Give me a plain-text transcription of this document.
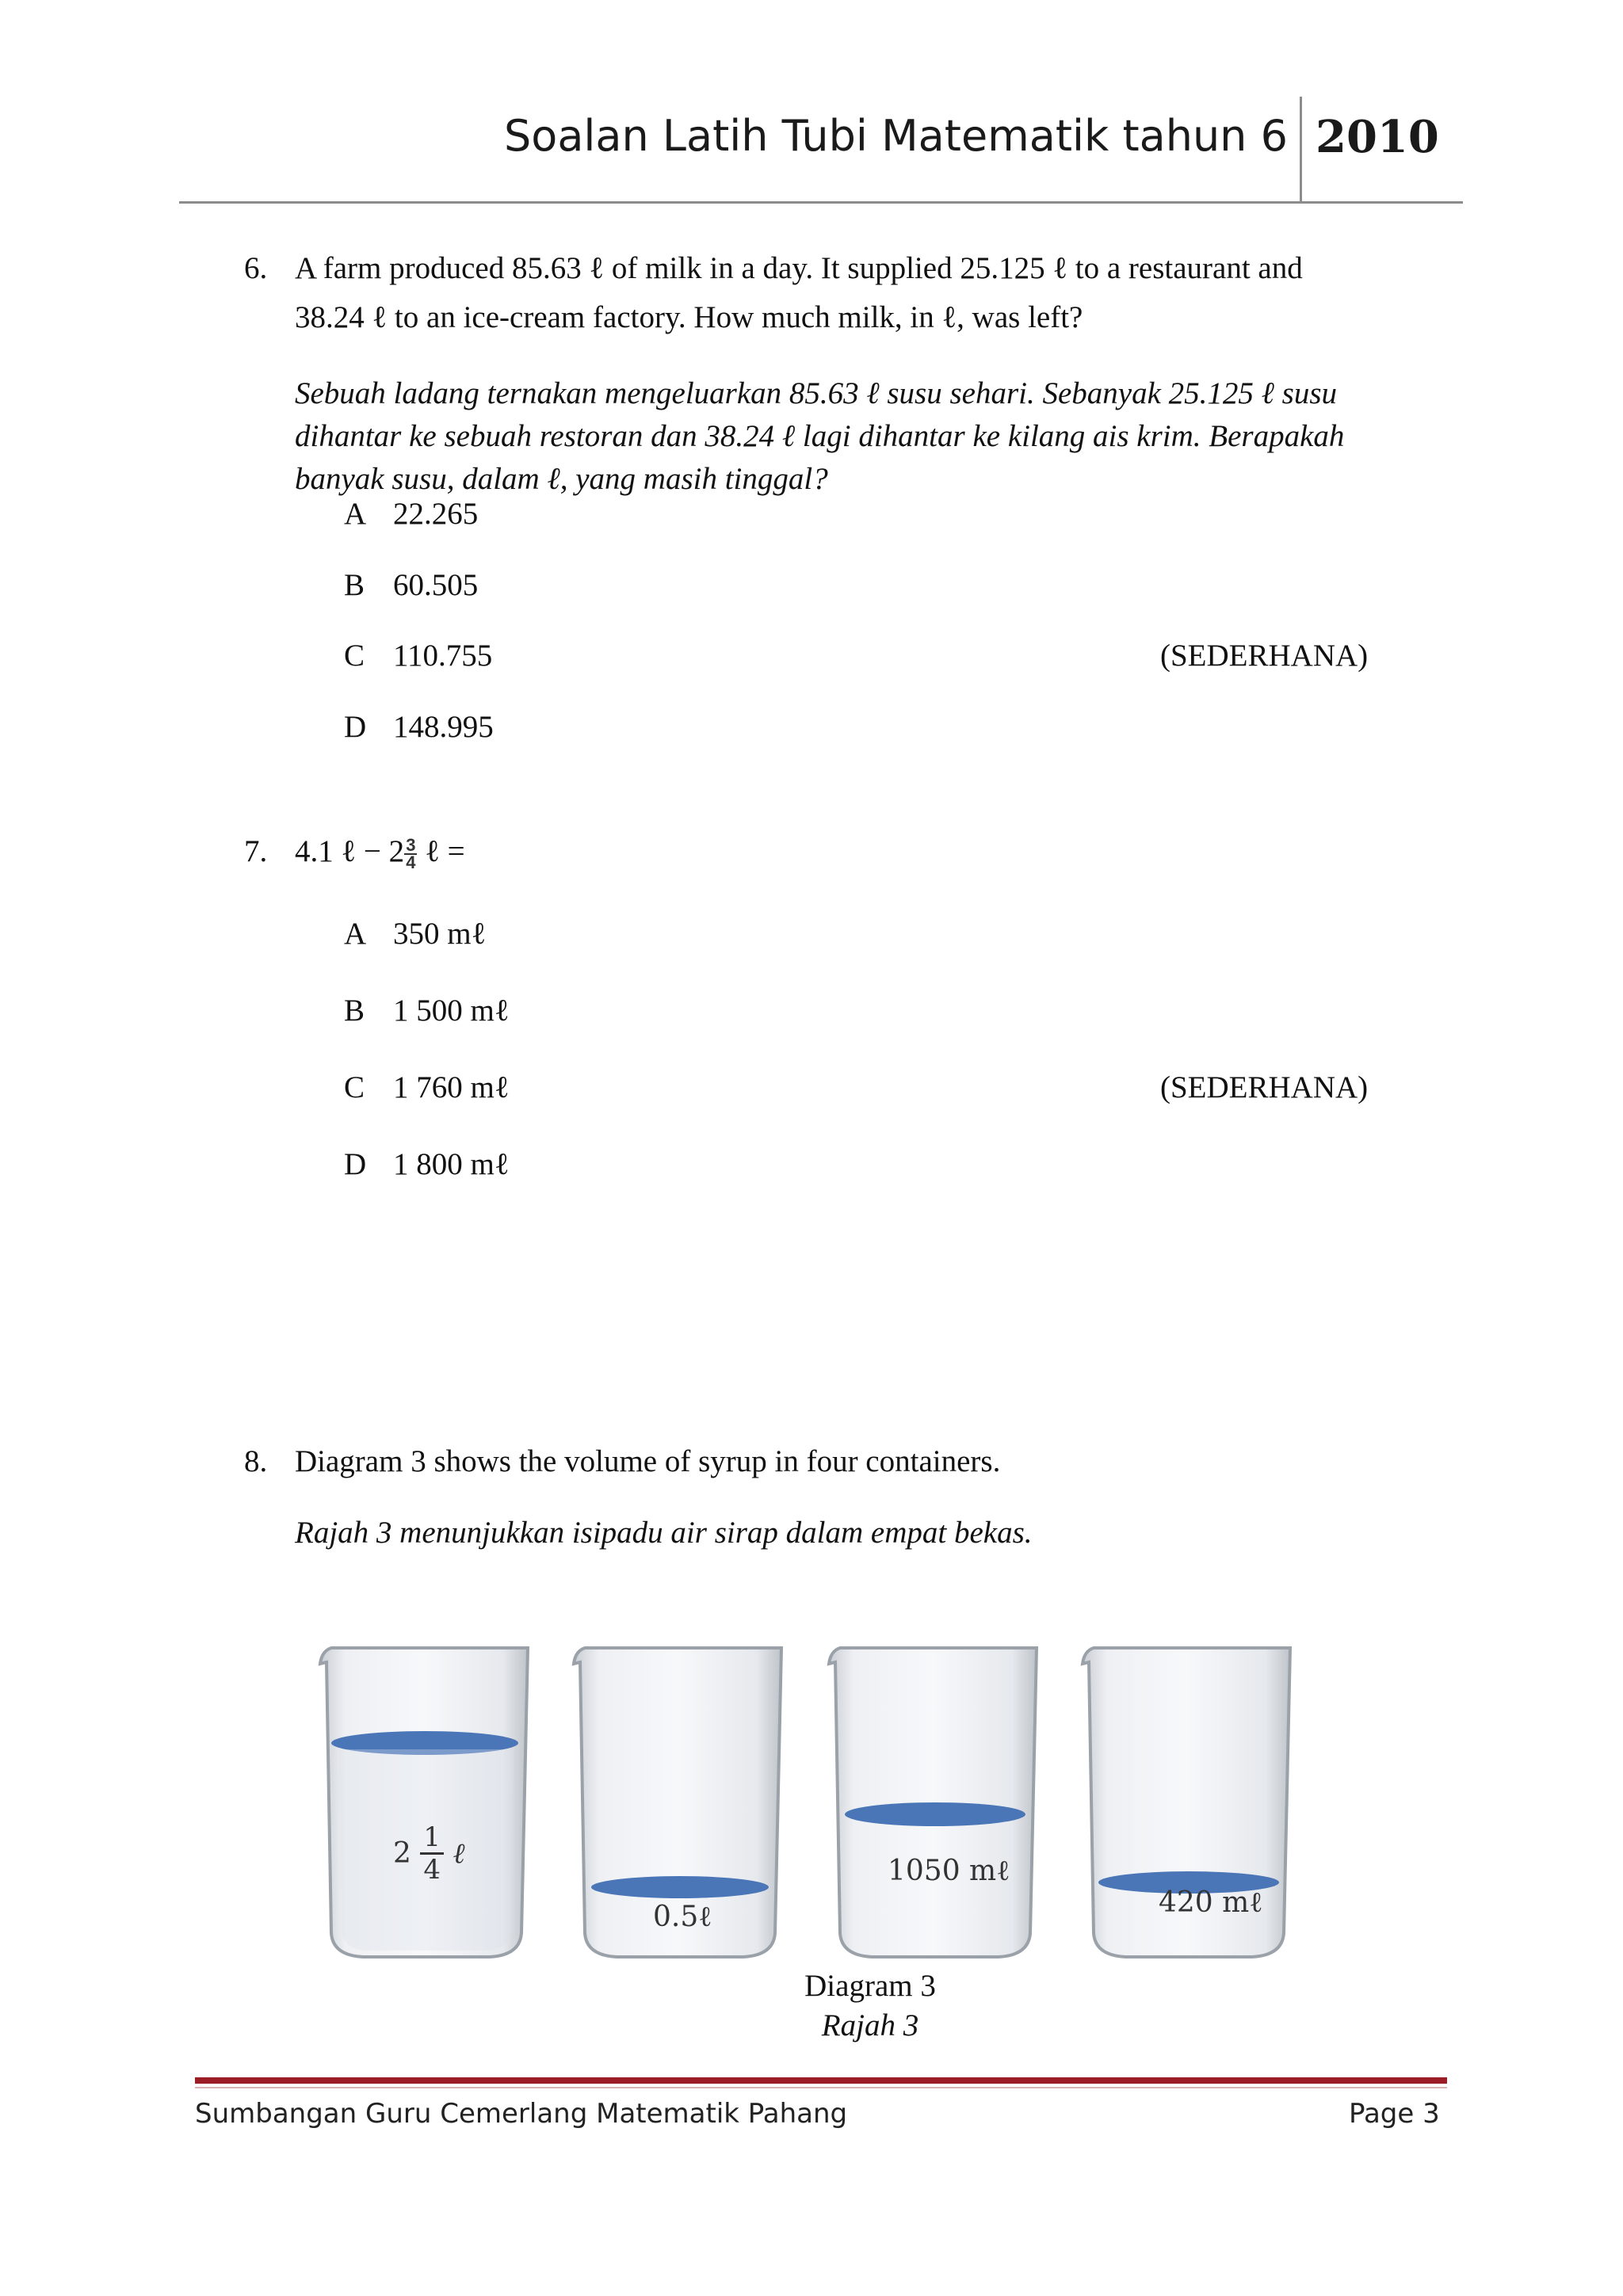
Soalan Latih Tubi Matematik tahun 6 2010
6. A farm produced 85.63 ℓ of milk in a day. It supplied 25.125 ℓ to a restaurant and
38.24 ℓ to an ice-cream factory. How much milk, in ℓ, was left?
Sebuah ladang ternakan mengeluarkan 85.63 ℓ susu sehari. Sebanyak 25.125 ℓ susu
dihantar ke sebuah restoran dan 38.24 ℓ lagi dihantar ke kilang ais krim. Berapakah
banyak susu, dalam ℓ, yang masih tinggal?
A 22.265
B 60.505
C 110.755
D 148.995
(SEDERHANA)
7. 4.1 ℓ − $2 \frac{3}{4}$ ℓ =
A 350 mℓ
B 1 500 mℓ
C 1 760 mℓ
D 1 800 mℓ
(SEDERHANA)
8. Diagram 3 shows the volume of syrup in four containers.
Rajah 3 menunjukkan isipadu air sirap dalam empat bekas.
$2 \frac{1}{4}$ ℓ
0.5ℓ
1050 mℓ
420 mℓ
Diagram 3
Rajah 3
Sumbangan Guru Cemerlang Matematik Pahang	Page 3
